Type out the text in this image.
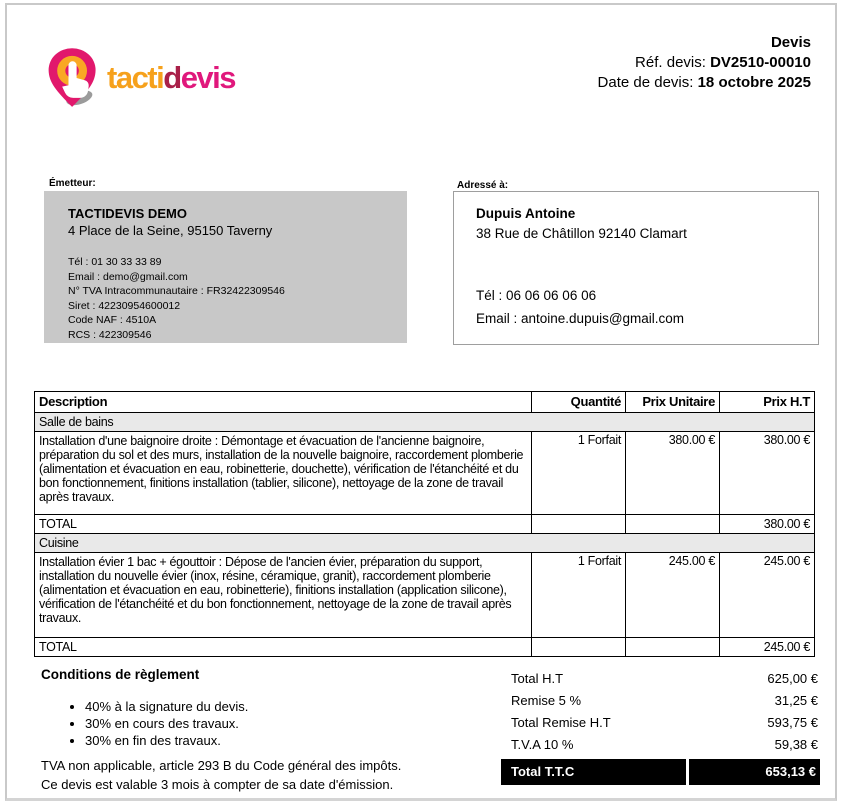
tactidevis
Devis
Réf. devis: DV2510-00010
Date de devis: 18 octobre 2025
Émetteur:
TACTIDEVIS DEMO
4 Place de la Seine, 95150 Taverny
Tél : 01 30 33 33 89
Email : demo@gmail.com
N° TVA Intracommunautaire : FR32422309546
Siret : 42230954600012
Code NAF : 4510A
RCS : 422309546
Adressé à:
Dupuis Antoine
38 Rue de Châtillon 92140 Clamart
Tél : 06 06 06 06 06
Email : antoine.dupuis@gmail.com
Description	Quantité	Prix Unitaire	Prix H.T
Salle de bains			

Installation d'une baignoire droite : Démontage et évacuation de l'ancienne baignoire, préparation du sol et des murs, installation de la nouvelle baignoire, raccordement plomberie (alimentation et évacuation en eau, robinetterie, douchette), vérification de l'étanchéité et du bon fonctionnement, finitions installation (tablier, silicone), nettoyage de la zone de travail après travaux.	1 Forfait	380.00 €	380.00 €
TOTAL			380.00 €
Cuisine			

Installation évier 1 bac + égouttoir : Dépose de l'ancien évier, préparation du support, installation du nouvelle évier (inox, résine, céramique, granit), raccordement plomberie (alimentation et évacuation en eau, robinetterie), finitions installation (application silicone), vérification de l'étanchéité et du bon fonctionnement, nettoyage de la zone de travail après travaux.	1 Forfait	245.00 €	245.00 €
TOTAL			245.00 €
Conditions de règlement
• 40% à la signature du devis.
• 30% en cours des travaux.
• 30% en fin des travaux.
Total H.T	625,00 €
Remise 5 %	31,25 €
Total Remise H.T	593,75 €
T.V.A 10 %	59,38 €
Total T.T.C	653,13 €
TVA non applicable, article 293 B du Code général des impôts.
Ce devis est valable 3 mois à compter de sa date d'émission.
